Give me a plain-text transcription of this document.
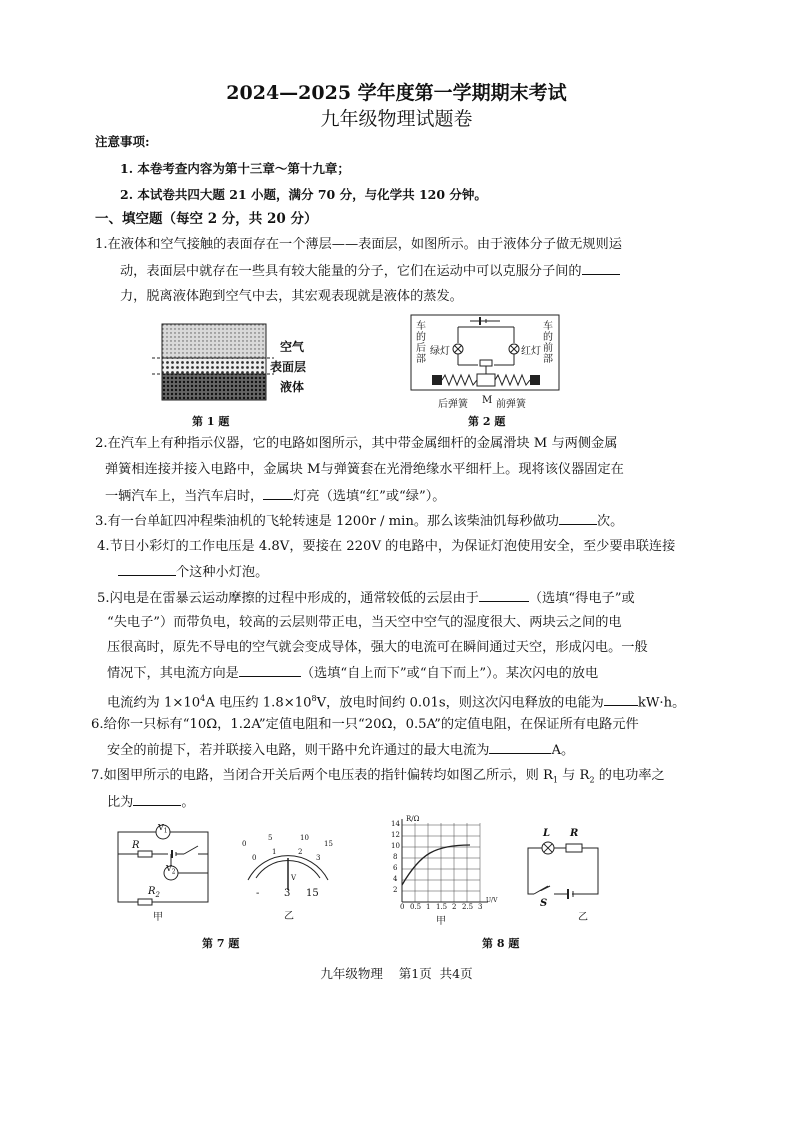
2024—2025 学年度第一学期期末考试
九年级物理试题卷
注意事项:
1. 本卷考查内容为第十三章～第十九章；
2. 本试卷共四大题 21 小题，满分 70 分，与化学共 120 分钟。
一、填空题（每空 2 分，共 20 分）
1.在液体和空气接触的表面存在一个薄层——表面层，如图所示。由于液体分子做无规则运
动，表面层中就存在一些具有较大能量的分子，它们在运动中可以克服分子间的
力，脱离液体跑到空气中去，其宏观表现就是液体的蒸发。
空气
表面层
液体
第 1 题
车的后部
车的前部
绿灯	红灯
后弹簧 M 前弹簧
第 2 题
2.在汽车上有种指示仪器，它的电路如图所示，其中带金属细杆的金属滑块 M 与两侧金属
弹簧相连接并接入电路中，金属块 M与弹簧套在光滑绝缘水平细杆上。现将该仪器固定在
一辆汽车上，当汽车启时， 灯亮（选填“红”或“绿”）。
3.有一台单缸四冲程柴油机的飞轮转速是 1200r / min。那么该柴油饥每秒做功	次。
4.节日小彩灯的工作电压是 4.8V，要接在 220V 的电路中，为保证灯泡使用安全，至少要串联连接
个这种小灯泡。
5.闪电是在雷暴云运动摩擦的过程中形成的，通常较低的云层由于	（选填“得电子”或
“失电子”）而带负电，较高的云层则带正电，当天空中空气的湿度很大、两块云之间的电
压很高时，原先不导电的空气就会变成导体，强大的电流可在瞬间通过天空，形成闪电。一般
情况下，其电流方向是	（选填“自上而下”或“自下而上”）。某次闪电的放电
电流约为 $1\times 10^4A$ 电压约 $1.8\times 10^8V$，放电时间约 0.01s，则这次闪电释放的电能为	kW·h。
6.给你一只标有“10Ω，1.2A”定值电阻和一只“20Ω，0.5A”的定值电阻，在保证所有电路元件
安全的前提下，若并联接入电路，则干路中允许通过的最大电流为	A。
7.如图甲所示的电路，当闭合开关后两个电压表的指针偏转均如图乙所示，则 $R_1$ 与 $R_2$ 的电功率之
比为	。
$V_1$
$V_2$
R
$R_2$
甲
0
5	10
15
0
1	2
3
V
- 3 15
乙
第 7 题
R/Ω
14
12
10
8
6
4
2
0 0.5 1 1.5 2 2.5 3
U/V
甲
L R
S
乙
第 8 题
九年级物理    第1页  共4页
